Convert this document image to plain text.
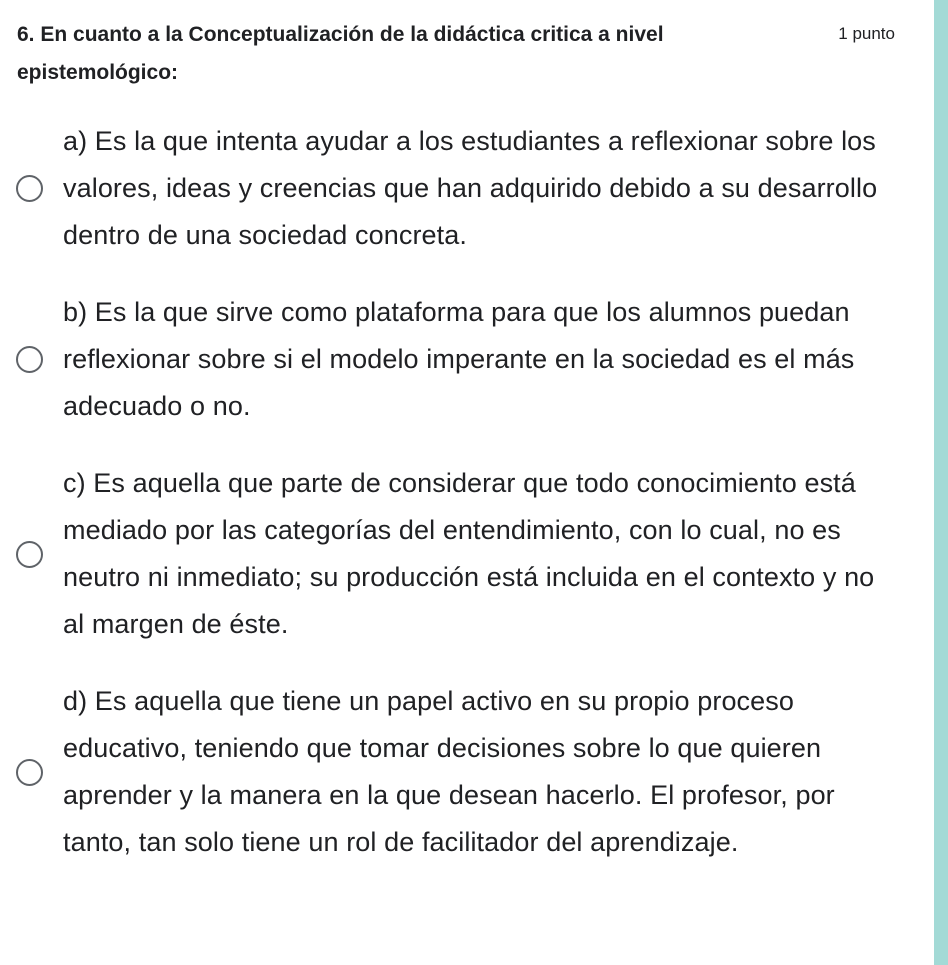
6. En cuanto a la Conceptualización de la didáctica critica a nivel epistemológico:

1 punto
a) Es la que intenta ayudar a los estudiantes a reflexionar sobre los valores, ideas y creencias que han adquirido debido a su desarrollo dentro de una sociedad concreta.
b) Es la que sirve como plataforma para que los alumnos puedan reflexionar sobre si el modelo imperante en la sociedad es el más adecuado o no.
c) Es aquella que parte de considerar que todo conocimiento está mediado por las categorías del entendimiento, con lo cual, no es neutro ni inmediato; su producción está incluida en el contexto y no al margen de éste.
d) Es aquella que tiene un papel activo en su propio proceso educativo, teniendo que tomar decisiones sobre lo que quieren aprender y la manera en la que desean hacerlo. El profesor, por tanto, tan solo tiene un rol de facilitador del aprendizaje.
